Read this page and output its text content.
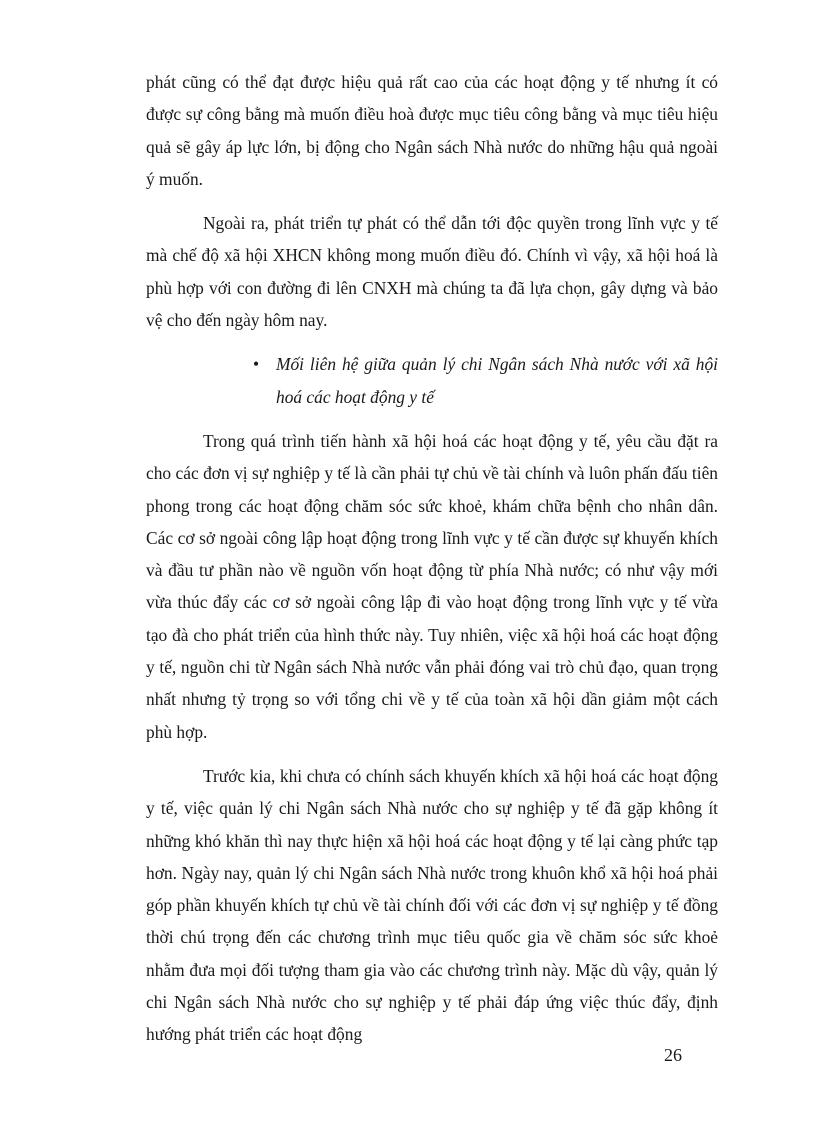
phát cũng có thể đạt được hiệu quả rất cao của các hoạt động y tế nhưng ít có được sự công bằng mà muốn điều hoà được mục tiêu công bằng và mục tiêu hiệu quả sẽ gây áp lực lớn, bị động cho Ngân sách Nhà nước do những hậu quả ngoài ý muốn.

Ngoài ra, phát triển tự phát có thể dẫn tới độc quyền trong lĩnh vực y tế mà chế độ xã hội XHCN không mong muốn điều đó. Chính vì vậy, xã hội hoá là phù hợp với con đường đi lên CNXH mà chúng ta đã lựa chọn, gây dựng và bảo vệ cho đến ngày hôm nay.

• Mối liên hệ giữa quản lý chi Ngân sách Nhà nước với xã hội hoá các hoạt động y tế

Trong quá trình tiến hành xã hội hoá các hoạt động y tế, yêu cầu đặt ra cho các đơn vị sự nghiệp y tế là cần phải tự chủ về tài chính và luôn phấn đấu tiên phong trong các hoạt động chăm sóc sức khoẻ, khám chữa bệnh cho nhân dân. Các cơ sở ngoài công lập hoạt động trong lĩnh vực y tế cần được sự khuyến khích và đầu tư phần nào về nguồn vốn hoạt động từ phía Nhà nước; có như vậy mới vừa thúc đẩy các cơ sở ngoài công lập đi vào hoạt động trong lĩnh vực y tế vừa tạo đà cho phát triển của hình thức này. Tuy nhiên, việc xã hội hoá các hoạt động y tế, nguồn chi từ Ngân sách Nhà nước vẫn phải đóng vai trò chủ đạo, quan trọng nhất nhưng tỷ trọng so với tổng chi về y tế của toàn xã hội dần giảm một cách phù hợp.

Trước kia, khi chưa có chính sách khuyến khích xã hội hoá các hoạt động y tế, việc quản lý chi Ngân sách Nhà nước cho sự nghiệp y tế đã gặp không ít những khó khăn thì nay thực hiện xã hội hoá các hoạt động y tế lại càng phức tạp hơn. Ngày nay, quản lý chi Ngân sách Nhà nước trong khuôn khổ xã hội hoá phải góp phần khuyến khích tự chủ về tài chính đối với các đơn vị sự nghiệp y tế đồng thời chú trọng đến các chương trình mục tiêu quốc gia về chăm sóc sức khoẻ nhằm đưa mọi đối tượng tham gia vào các chương trình này. Mặc dù vậy, quản lý chi Ngân sách Nhà nước cho sự nghiệp y tế phải đáp ứng việc thúc đẩy, định hướng phát triển các hoạt động

26
